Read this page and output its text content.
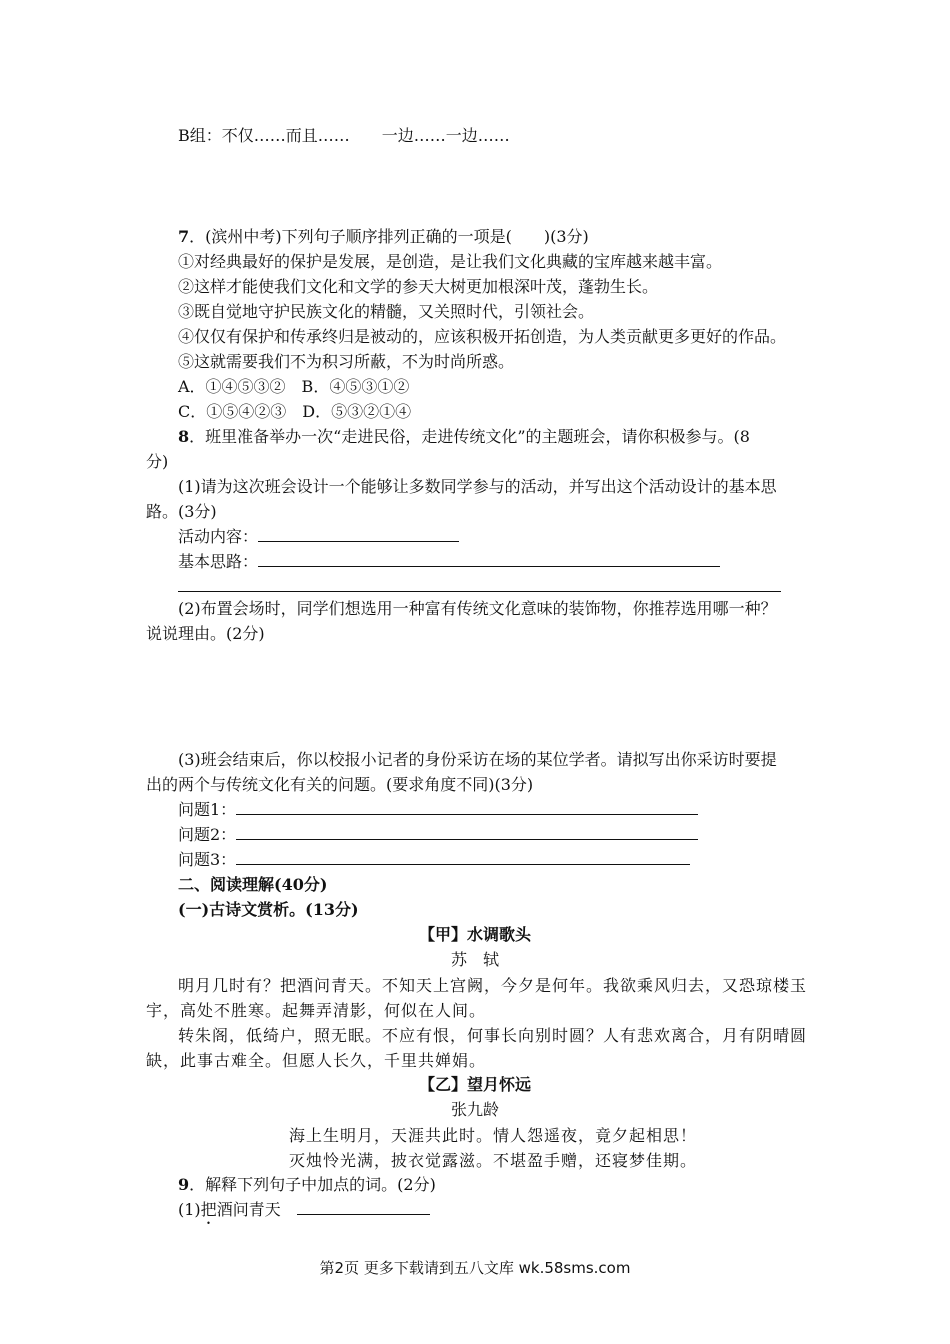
B组：不仅……而且……　　一边……一边……
7．(滨州中考)下列句子顺序排列正确的一项是(　　)(3分)
①对经典最好的保护是发展，是创造，是让我们文化典藏的宝库越来越丰富。
②这样才能使我们文化和文学的参天大树更加根深叶茂，蓬勃生长。
③既自觉地守护民族文化的精髓，又关照时代，引领社会。
④仅仅有保护和传承终归是被动的，应该积极开拓创造，为人类贡献更多更好的作品。
⑤这就需要我们不为积习所蔽，不为时尚所惑。
A．①④⑤③②　B．④⑤③①②
C．①⑤④②③　D．⑤③②①④
8．班里准备举办一次“走进民俗，走进传统文化”的主题班会，请你积极参与。(8
分)
(1)请为这次班会设计一个能够让多数同学参与的活动，并写出这个活动设计的基本思
路。(3分)
活动内容：
基本思路：
(2)布置会场时，同学们想选用一种富有传统文化意味的装饰物，你推荐选用哪一种？
说说理由。(2分)
(3)班会结束后，你以校报小记者的身份采访在场的某位学者。请拟写出你采访时要提
出的两个与传统文化有关的问题。(要求角度不同)(3分)
问题1：
问题2：
问题3：
二、阅读理解(40分)
(一)古诗文赏析。(13分)
【甲】水调歌头
苏　轼
明月几时有？把酒问青天。不知天上宫阙，今夕是何年。我欲乘风归去，又恐琼楼玉
宇，高处不胜寒。起舞弄清影，何似在人间。
转朱阁，低绮户，照无眠。不应有恨，何事长向别时圆？人有悲欢离合，月有阴晴圆
缺，此事古难全。但愿人长久，千里共婵娟。
【乙】望月怀远
张九龄
海上生明月，天涯共此时。情人怨遥夜，竟夕起相思！
灭烛怜光满，披衣觉露滋。不堪盈手赠，还寝梦佳期。
9．解释下列句子中加点的词。(2分)
(1)把酒问青天
第2页 更多下载请到五八文库 wk.58sms.com
